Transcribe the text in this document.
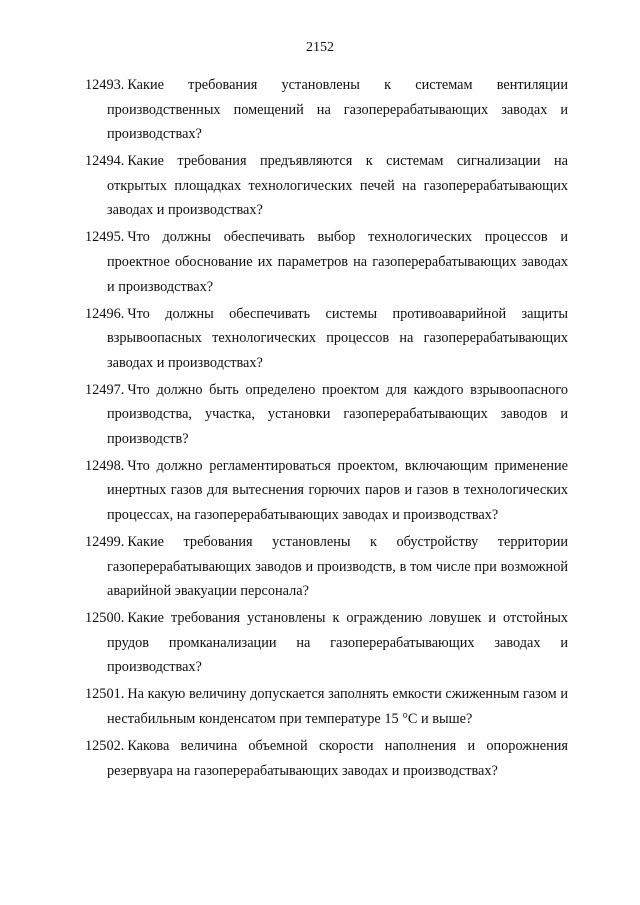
2152
12493. Какие требования установлены к системам вентиляции производственных помещений на газоперерабатывающих заводах и производствах?
12494. Какие требования предъявляются к системам сигнализации на открытых площадках технологических печей на газоперерабатывающих заводах и производствах?
12495. Что должны обеспечивать выбор технологических процессов и проектное обоснование их параметров на газоперерабатывающих заводах и производствах?
12496. Что должны обеспечивать системы противоаварийной защиты взрывоопасных технологических процессов на газоперерабатывающих заводах и производствах?
12497. Что должно быть определено проектом для каждого взрывоопасного производства, участка, установки газоперерабатывающих заводов и производств?
12498. Что должно регламентироваться проектом, включающим применение инертных газов для вытеснения горючих паров и газов в технологических процессах, на газоперерабатывающих заводах и производствах?
12499. Какие требования установлены к обустройству территории газоперерабатывающих заводов и производств, в том числе при возможной аварийной эвакуации персонала?
12500. Какие требования установлены к ограждению ловушек и отстойных прудов промканализации на газоперерабатывающих заводах и производствах?
12501. На какую величину допускается заполнять емкости сжиженным газом и нестабильным конденсатом при температуре 15 °С и выше?
12502. Какова величина объемной скорости наполнения и опорожнения резервуара на газоперерабатывающих заводах и производствах?
